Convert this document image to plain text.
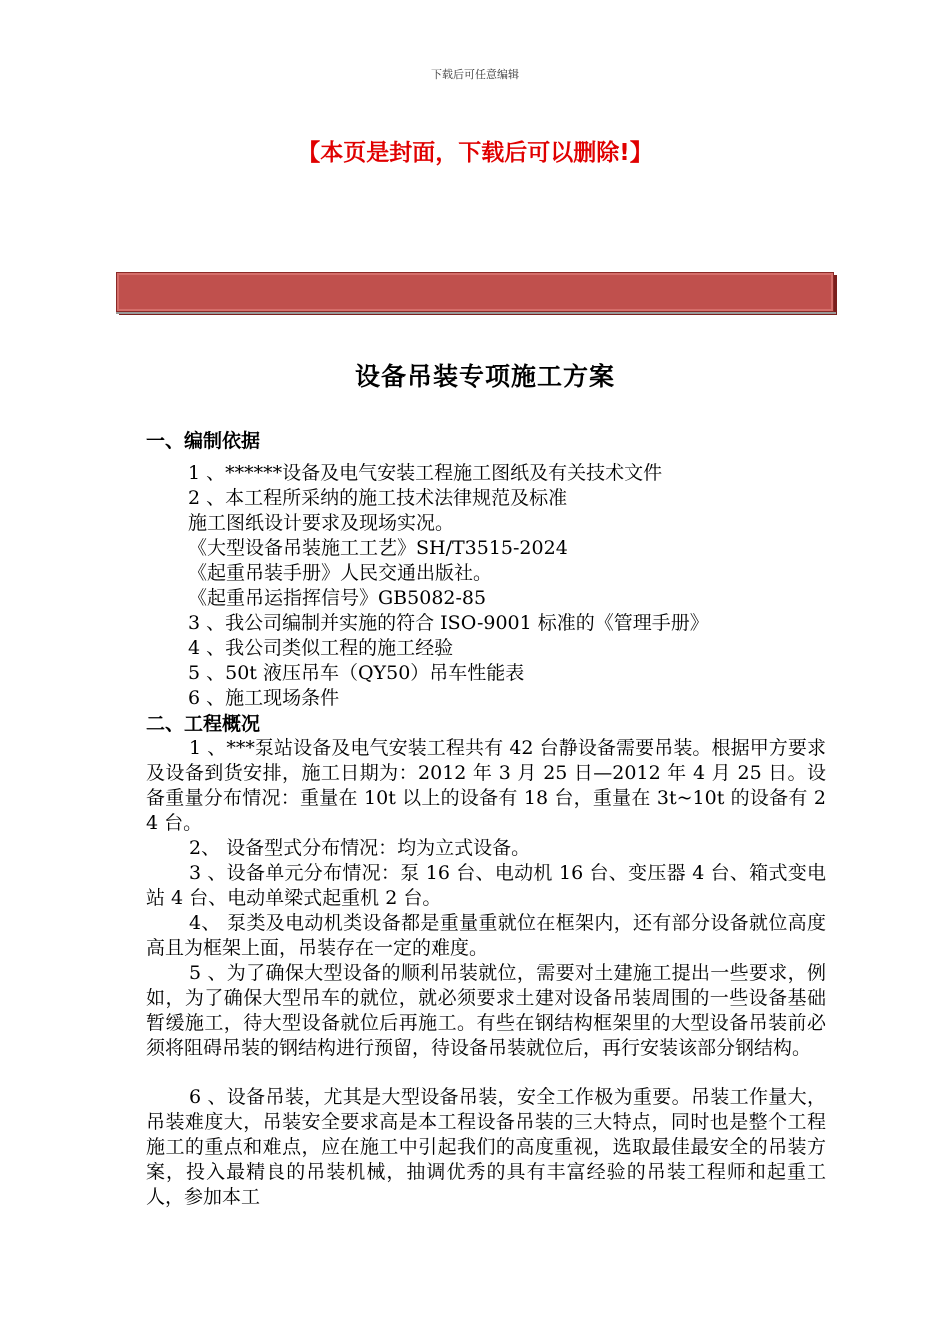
下载后可任意编辑
【本页是封面，下载后可以删除!】
设备吊装专项施工方案
一、编制依据
1 、******设备及电气安装工程施工图纸及有关技术文件
2 、本工程所采纳的施工技术法律规范及标准
施工图纸设计要求及现场实况。
《大型设备吊装施工工艺》SH/T3515-2024
《起重吊装手册》人民交通出版社。
《起重吊运指挥信号》GB5082-85
3 、我公司编制并实施的符合 ISO-9001 标准的《管理手册》
4 、我公司类似工程的施工经验
5 、50t 液压吊车（QY50）吊车性能表
6 、施工现场条件
二、工程概况

1 、***泵站设备及电气安装工程共有 42 台静设备需要吊装。根据甲方要求及设备到货安排，施工日期为：2012 年 3 月 25 日—2012 年 4 月 25 日。设备重量分布情况：重量在 10t 以上的设备有 18 台，重量在 3t~10t 的设备有 24 台。

2、 设备型式分布情况：均为立式设备。

3 、设备单元分布情况：泵 16 台、电动机 16 台、变压器 4 台、箱式变电站 4 台、电动单梁式起重机 2 台。

4、 泵类及电动机类设备都是重量重就位在框架内，还有部分设备就位高度高且为框架上面，吊装存在一定的难度。

5 、为了确保大型设备的顺利吊装就位，需要对土建施工提出一些要求，例如，为了确保大型吊车的就位，就必须要求土建对设备吊装周围的一些设备基础暂缓施工，待大型设备就位后再施工。有些在钢结构框架里的大型设备吊装前必须将阻碍吊装的钢结构进行预留，待设备吊装就位后，再行安装该部分钢结构。

6 、设备吊装，尤其是大型设备吊装，安全工作极为重要。吊装工作量大，吊装难度大，吊装安全要求高是本工程设备吊装的三大特点，同时也是整个工程施工的重点和难点，应在施工中引起我们的高度重视，选取最佳最安全的吊装方案，投入最精良的吊装机械，抽调优秀的具有丰富经验的吊装工程师和起重工人，参加本工
